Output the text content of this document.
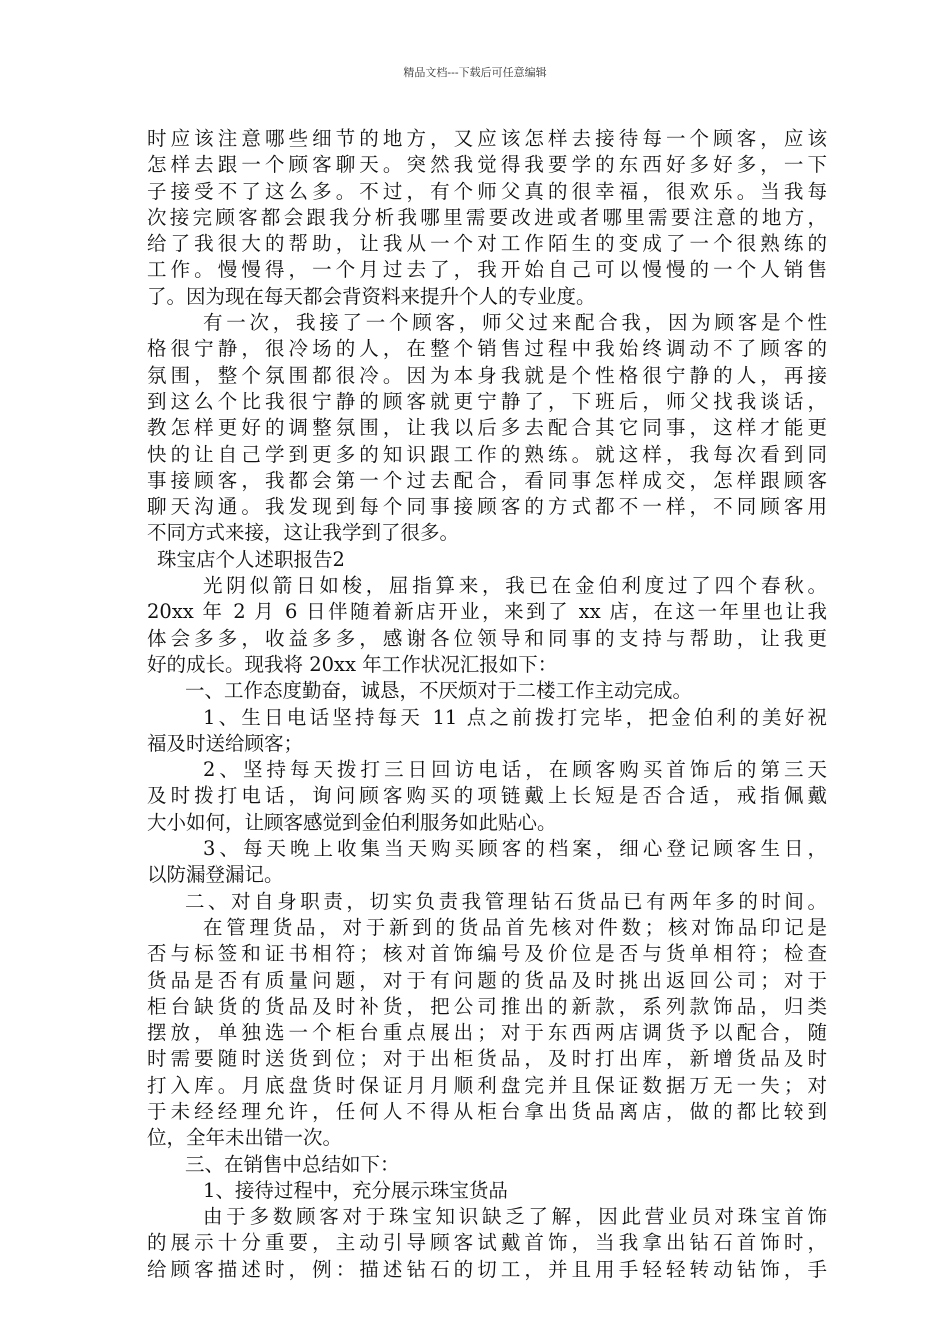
精品文档---下载后可任意编辑
时应该注意哪些细节的地方，又应该怎样去接待每一个顾客，应该
怎样去跟一个顾客聊天。突然我觉得我要学的东西好多好多，一下
子接受不了这么多。不过，有个师父真的很幸福，很欢乐。当我每
次接完顾客都会跟我分析我哪里需要改进或者哪里需要注意的地方，
给了我很大的帮助，让我从一个对工作陌生的变成了一个很熟练的
工作。慢慢得，一个月过去了，我开始自己可以慢慢的一个人销售
了。因为现在每天都会背资料来提升个人的专业度。
有一次，我接了一个顾客，师父过来配合我，因为顾客是个性
格很宁静，很冷场的人，在整个销售过程中我始终调动不了顾客的
氛围，整个氛围都很冷。因为本身我就是个性格很宁静的人，再接
到这么个比我很宁静的顾客就更宁静了，下班后，师父找我谈话，
教怎样更好的调整氛围，让我以后多去配合其它同事，这样才能更
快的让自己学到更多的知识跟工作的熟练。就这样，我每次看到同
事接顾客，我都会第一个过去配合，看同事怎样成交，怎样跟顾客
聊天沟通。我发现到每个同事接顾客的方式都不一样，不同顾客用
不同方式来接，这让我学到了很多。
珠宝店个人述职报告2
光阴似箭日如梭，屈指算来，我已在金伯利度过了四个春秋。
20xx 年 2 月 6 日伴随着新店开业，来到了 xx 店，在这一年里也让我
体会多多，收益多多，感谢各位领导和同事的支持与帮助，让我更
好的成长。现我将 20xx 年工作状况汇报如下：
一、工作态度勤奋，诚恳，不厌烦对于二楼工作主动完成。
1、生日电话坚持每天 11 点之前拨打完毕，把金伯利的美好祝
福及时送给顾客；
2、坚持每天拨打三日回访电话，在顾客购买首饰后的第三天
及时拨打电话，询问顾客购买的项链戴上长短是否合适，戒指佩戴
大小如何，让顾客感觉到金伯利服务如此贴心。
3、每天晚上收集当天购买顾客的档案，细心登记顾客生日，
以防漏登漏记。
二、对自身职责，切实负责我管理钻石货品已有两年多的时间。
在管理货品，对于新到的货品首先核对件数；核对饰品印记是
否与标签和证书相符；核对首饰编号及价位是否与货单相符；检查
货品是否有质量问题，对于有问题的货品及时挑出返回公司；对于
柜台缺货的货品及时补货，把公司推出的新款，系列款饰品，归类
摆放，单独选一个柜台重点展出；对于东西两店调货予以配合，随
时需要随时送货到位；对于出柜货品，及时打出库，新增货品及时
打入库。月底盘货时保证月月顺利盘完并且保证数据万无一失；对
于未经经理允许，任何人不得从柜台拿出货品离店，做的都比较到
位，全年未出错一次。
三、在销售中总结如下：
1、接待过程中，充分展示珠宝货品
由于多数顾客对于珠宝知识缺乏了解，因此营业员对珠宝首饰
的展示十分重要，主动引导顾客试戴首饰，当我拿出钻石首饰时，
给顾客描述时，例：描述钻石的切工，并且用手轻轻转动钻饰，手
